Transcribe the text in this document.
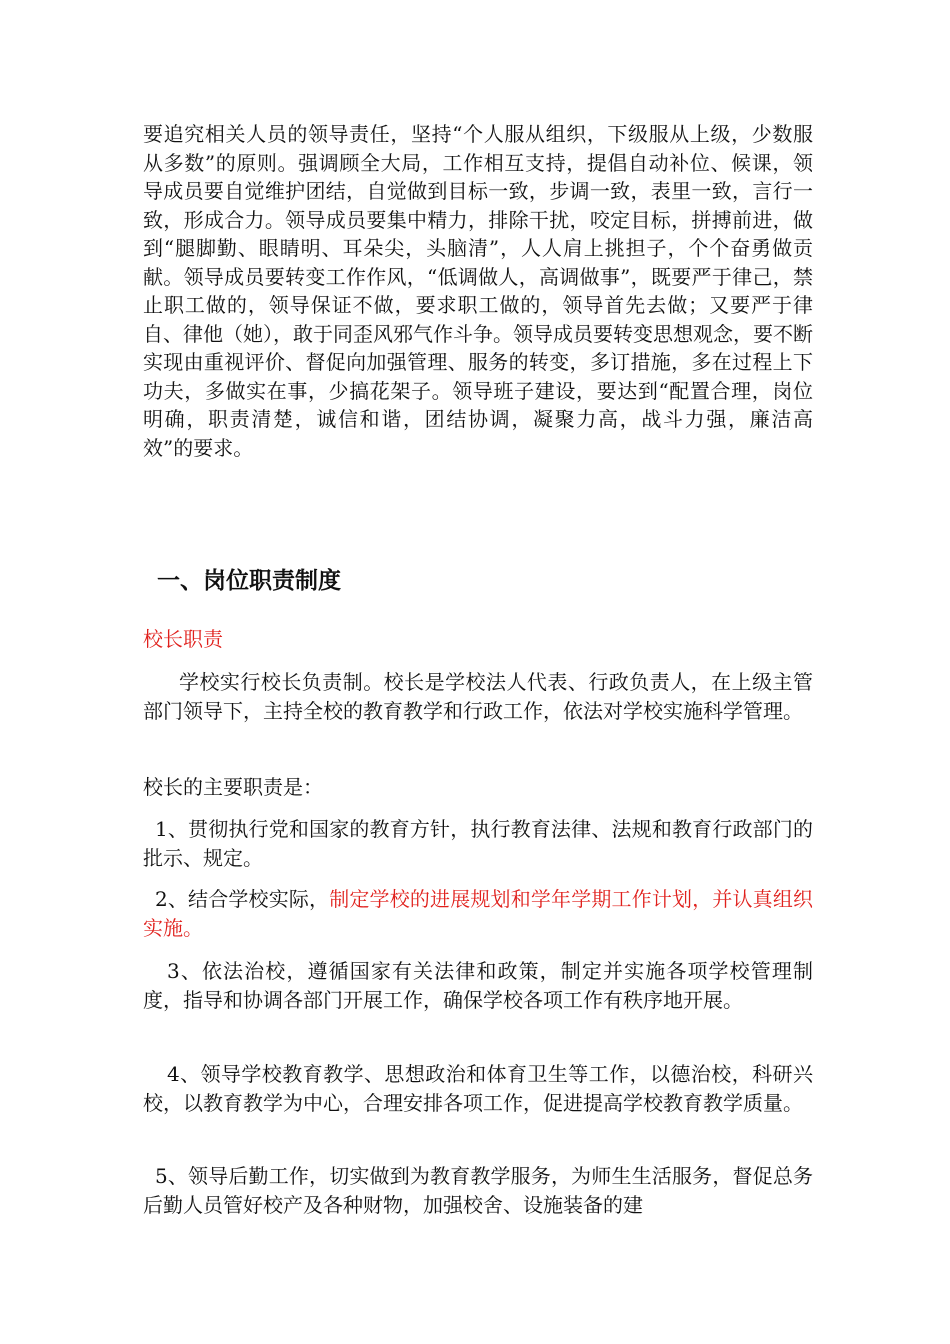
要追究相关人员的领导责任，坚持“个人服从组织，下级服从上级，少数服从多数”的原则。强调顾全大局，工作相互支持，提倡自动补位、候课，领导成员要自觉维护团结，自觉做到目标一致，步调一致，表里一致，言行一致，形成合力。领导成员要集中精力，排除干扰，咬定目标，拼搏前进，做到“腿脚勤、眼睛明、耳朵尖，头脑清”，人人肩上挑担子，个个奋勇做贡献。领导成员要转变工作作风，“低调做人，高调做事”，既要严于律己，禁止职工做的，领导保证不做，要求职工做的，领导首先去做；又要严于律自、律他（她），敢于同歪风邪气作斗争。领导成员要转变思想观念，要不断实现由重视评价、督促向加强管理、服务的转变，多订措施，多在过程上下功夫，多做实在事，少搞花架子。领导班子建设，要达到“配置合理，岗位明确，职责清楚，诚信和谐，团结协调，凝聚力高，战斗力强，廉洁高效”的要求。
一、岗位职责制度
校长职责
学校实行校长负责制。校长是学校法人代表、行政负责人，在上级主管部门领导下，主持全校的教育教学和行政工作，依法对学校实施科学管理。
校长的主要职责是：
1、贯彻执行党和国家的教育方针，执行教育法律、法规和教育行政部门的批示、规定。
2、结合学校实际，制定学校的进展规划和学年学期工作计划，并认真组织实施。
3、依法治校，遵循国家有关法律和政策，制定并实施各项学校管理制度，指导和协调各部门开展工作，确保学校各项工作有秩序地开展。
4、领导学校教育教学、思想政治和体育卫生等工作，以德治校，科研兴校，以教育教学为中心，合理安排各项工作，促进提高学校教育教学质量。
5、领导后勤工作，切实做到为教育教学服务，为师生生活服务，督促总务后勤人员管好校产及各种财物，加强校舍、设施装备的建
